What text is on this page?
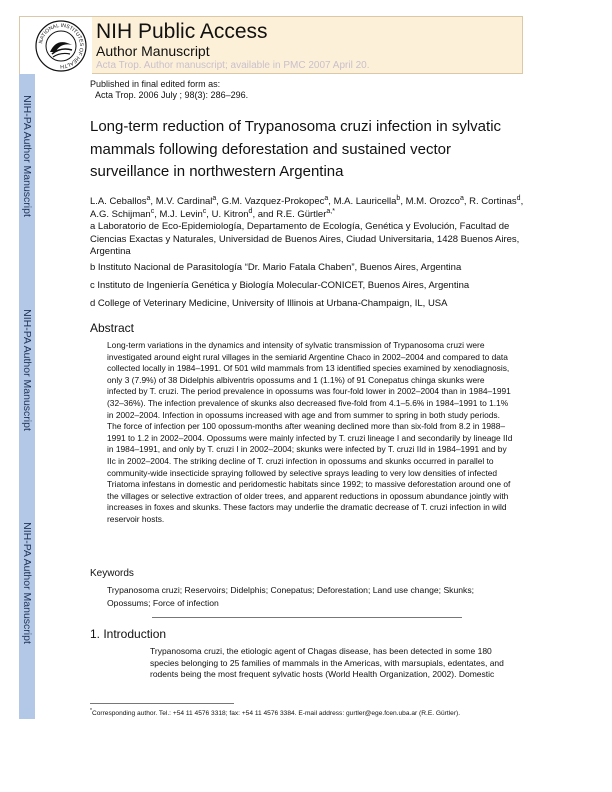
NATIONAL INSTITUTES OF HEALTH
NIH Public Access
Author Manuscript
Acta Trop. Author manuscript; available in PMC 2007 April 20.
NIH-PA Author Manuscript
NIH-PA Author Manuscript
NIH-PA Author Manuscript
Published in final edited form as:
Acta Trop. 2006 July ; 98(3): 286–296.
Long-term reduction of Trypanosoma cruzi infection in sylvatic mammals following deforestation and sustained vector surveillance in northwestern Argentina
L.A. Ceballos$^a$, M.V. Cardinal$^a$, G.M. Vazquez-Prokopec$^a$, M.A. Lauricella$^b$, M.M. Orozco$^a$, R. Cortinas$^d$, A.G. Schijman$^c$, M.J. Levin$^c$, U. Kitron$^d$, and R.E. Gürtler$^{a,*}$
a Laboratorio de Eco-Epidemiología, Departamento de Ecología, Genética y Evolución, Facultad de Ciencias Exactas y Naturales, Universidad de Buenos Aires, Ciudad Universitaria, 1428 Buenos Aires, Argentina
b Instituto Nacional de Parasitología “Dr. Mario Fatala Chaben”, Buenos Aires, Argentina
c Instituto de Ingeniería Genética y Biología Molecular-CONICET, Buenos Aires, Argentina
d College of Veterinary Medicine, University of Illinois at Urbana-Champaign, IL, USA
Abstract
Long-term variations in the dynamics and intensity of sylvatic transmission of Trypanosoma cruzi were investigated around eight rural villages in the semiarid Argentine Chaco in 2002–2004 and compared to data collected locally in 1984–1991. Of 501 wild mammals from 13 identified species examined by xenodiagnosis, only 3 (7.9%) of 38 Didelphis albiventris opossums and 1 (1.1%) of 91 Conepatus chinga skunks were infected by T. cruzi. The period prevalence in opossums was four-fold lower in 2002–2004 than in 1984–1991 (32–36%). The infection prevalence of skunks also decreased five-fold from 4.1–5.6% in 1984–1991 to 1.1% in 2002–2004. Infection in opossums increased with age and from summer to spring in both study periods. The force of infection per 100 opossum-months after weaning declined more than six-fold from 8.2 in 1988–1991 to 1.2 in 2002–2004. Opossums were mainly infected by T. cruzi lineage I and secondarily by lineage IId in 1984–1991, and only by T. cruzi I in 2002–2004; skunks were infected by T. cruzi IId in 1984–1991 and by IIc in 2002–2004. The striking decline of T. cruzi infection in opossums and skunks occurred in parallel to community-wide insecticide spraying followed by selective sprays leading to very low densities of infected Triatoma infestans in domestic and peridomestic habitats since 1992; to massive deforestation around one of the villages or selective extraction of older trees, and apparent reductions in opossum abundance jointly with increases in foxes and skunks. These factors may underlie the dramatic decrease of T. cruzi infection in wild reservoir hosts.
Keywords
Trypanosoma cruzi; Reservoirs; Didelphis; Conepatus; Deforestation; Land use change; Skunks; Opossums; Force of infection
1. Introduction
Trypanosoma cruzi, the etiologic agent of Chagas disease, has been detected in some 180 species belonging to 25 families of mammals in the Americas, with marsupials, edentates, and rodents being the most frequent sylvatic hosts (World Health Organization, 2002). Domestic
*Corresponding author. Tel.: +54 11 4576 3318; fax: +54 11 4576 3384. E-mail address: gurtler@ege.fcen.uba.ar (R.E. Gürtler).
